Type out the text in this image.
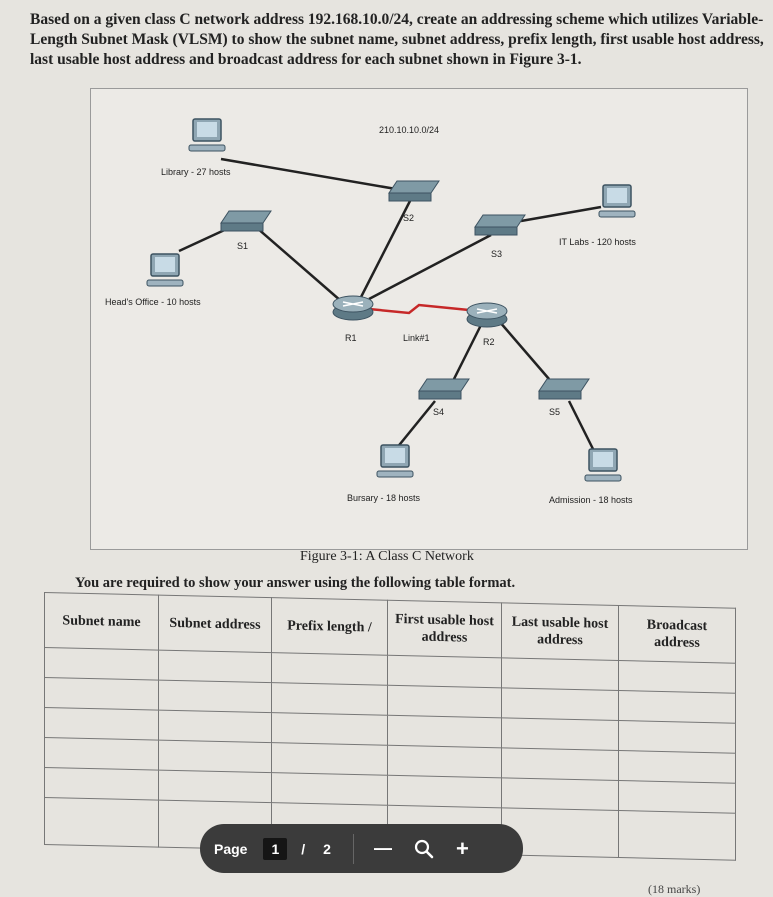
Based on a given class C network address 192.168.10.0/24, create an addressing scheme which utilizes Variable-Length Subnet Mask (VLSM) to show the subnet name, subnet address, prefix length, first usable host address, last usable host address and broadcast address for each subnet shown in Figure 3-1.
210.10.10.0/24
Library - 27 hosts
Head's Office - 10 hosts
IT Labs - 120 hosts
Bursary - 18 hosts	Admission - 18 hosts
S1
S2
S3
S4	S5
R1	R2
Link#1
Figure 3-1: A Class C Network
You are required to show your answer using the following table format.
Subnet name	Subnet address	Prefix length /	First usable host address	Last usable host address	Broadcast address

Page	1	/ 2 —	+
(18 marks)
